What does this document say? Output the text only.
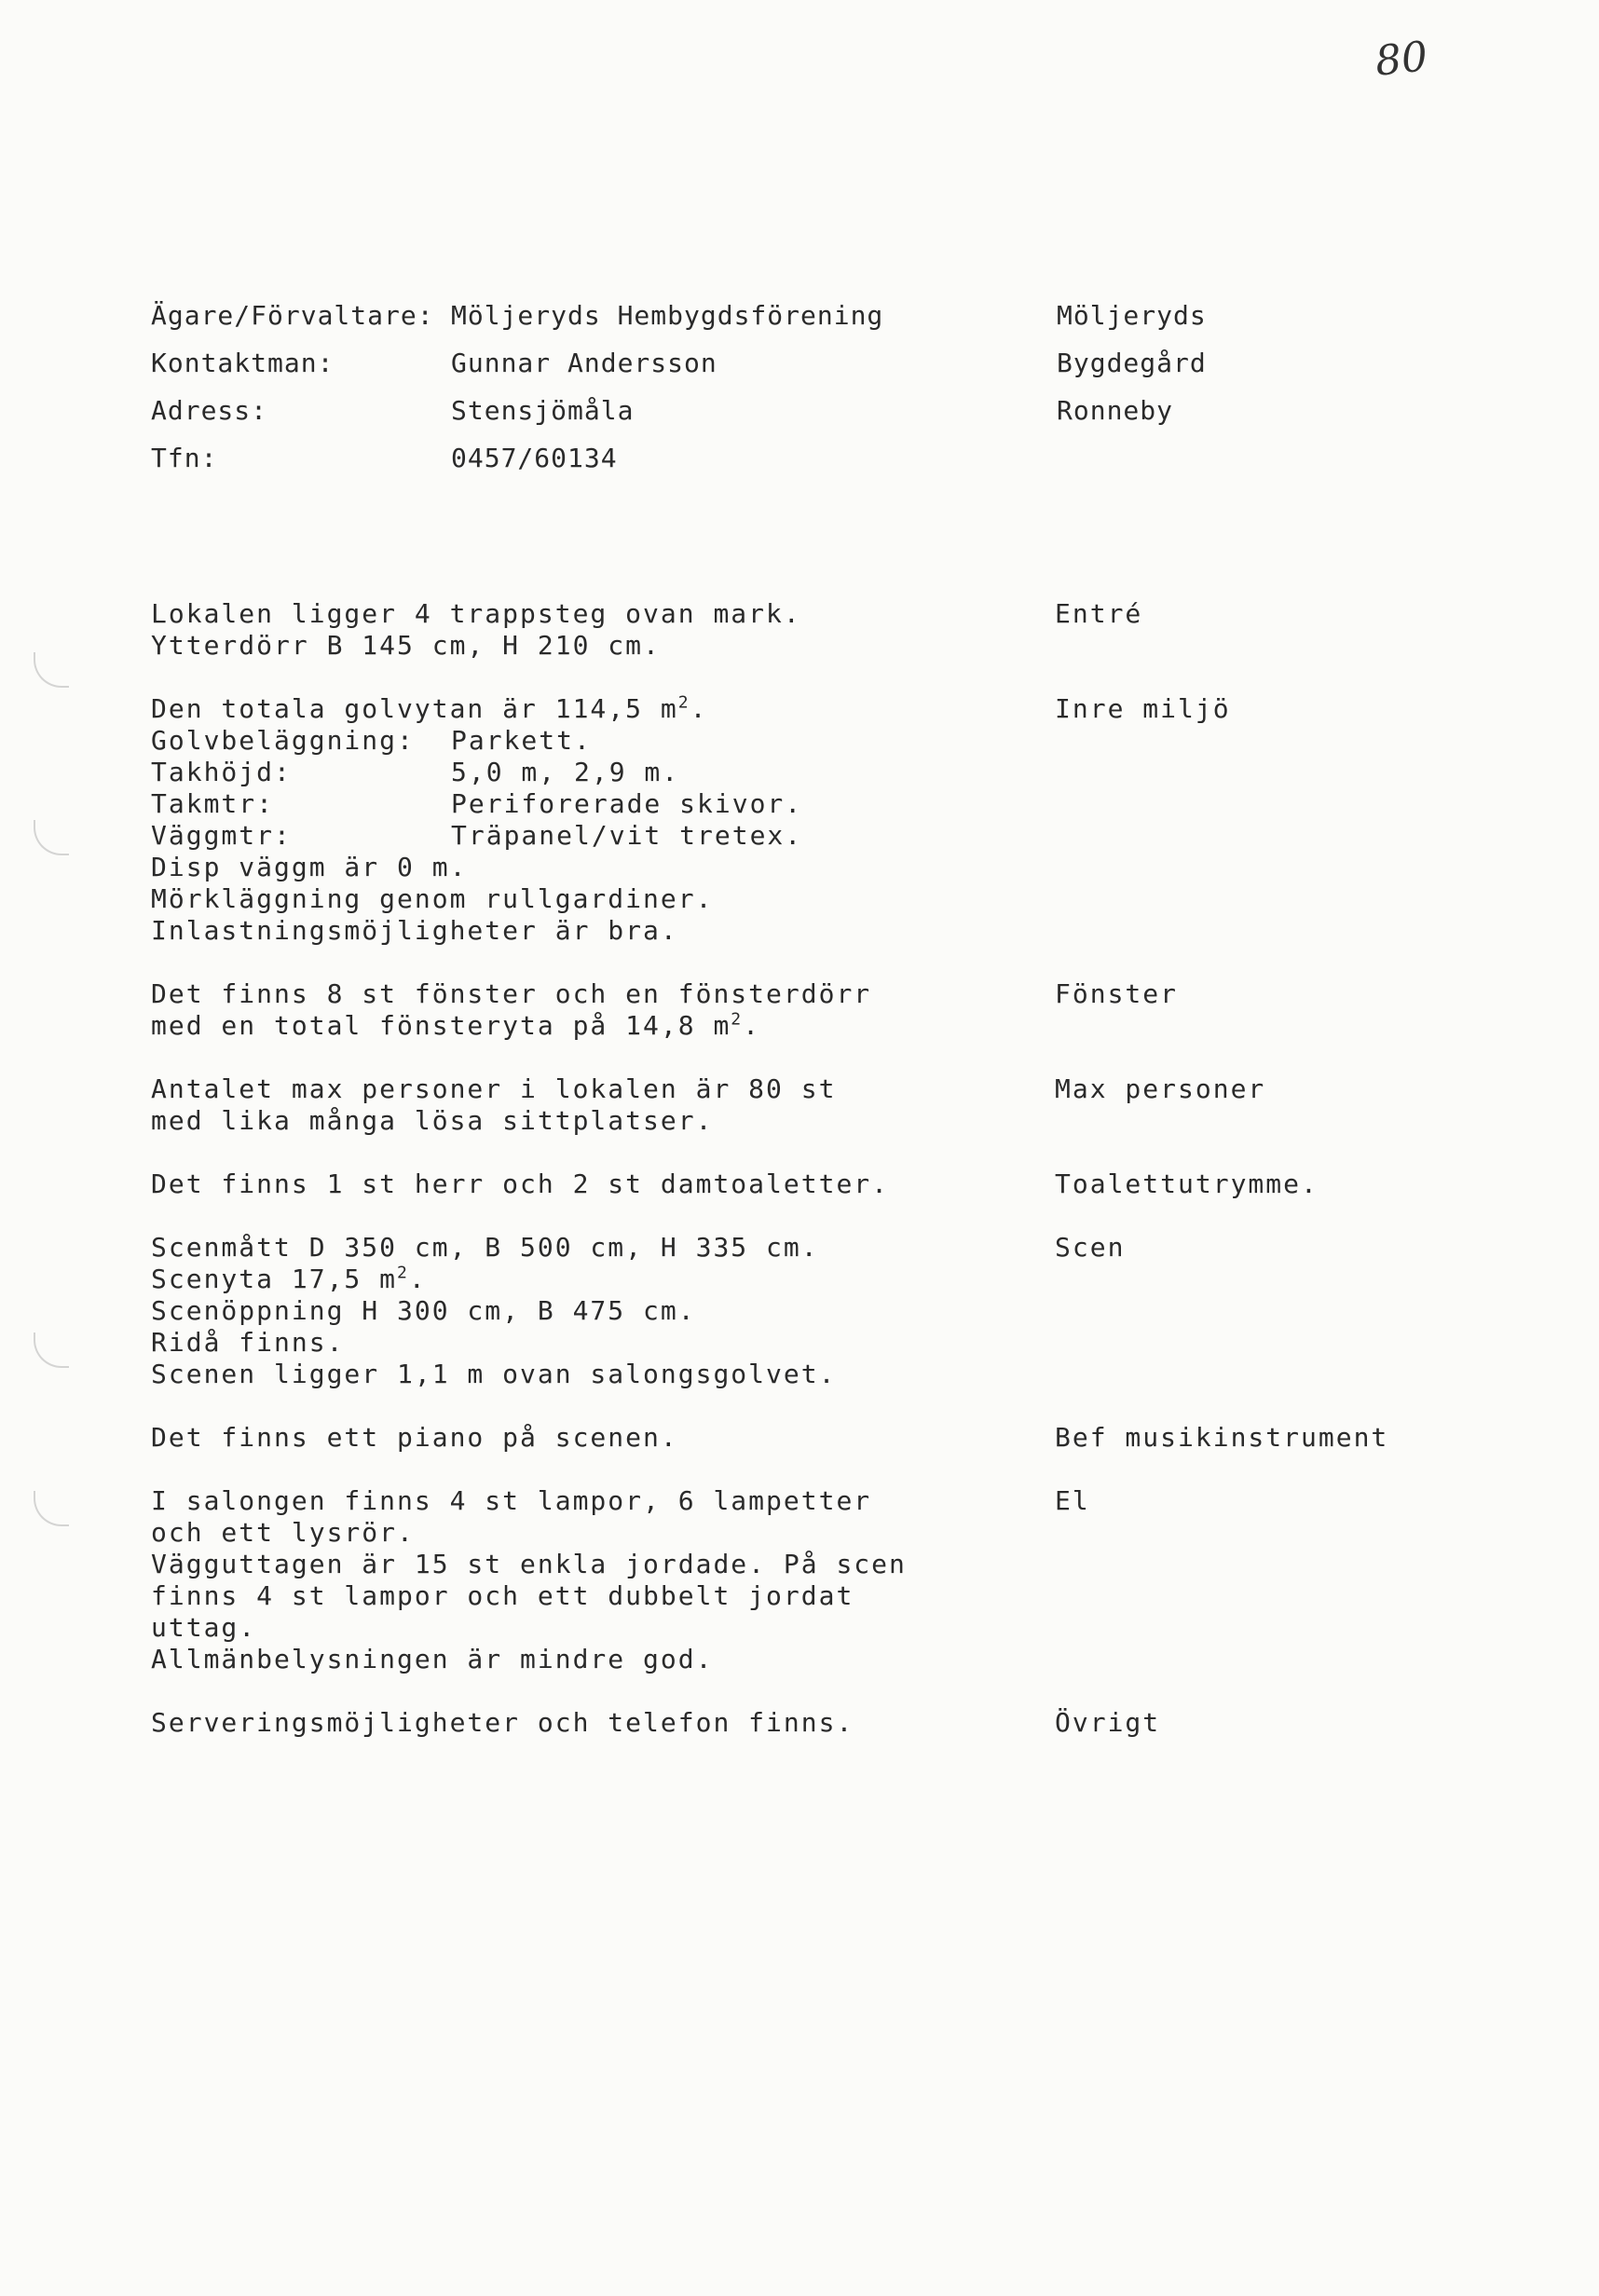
80
Ägare/Förvaltare: Möljeryds Hembygdsförening	Möljeryds
Kontaktman:	Gunnar Andersson	Bygdegård
Adress:	Stensjömåla	Ronneby
Tfn:	0457/60134
Lokalen ligger 4 trappsteg ovan mark.
Ytterdörr B 145 cm, H 210 cm.
Entré
Den totala golvytan är 114,5 $m^2$.
Golvbeläggning:	Parkett.
Takhöjd:	5,0 m, 2,9 m.
Takmtr:	Periforerade skivor.
Väggmtr:	Träpanel/vit tretex.
Disp väggm är 0 m.
Mörkläggning genom rullgardiner.
Inlastningsmöjligheter är bra.
Inre miljö
Det finns 8 st fönster och en fönsterdörr
med en total fönsteryta på 14,8 $m^2$.
Fönster
Antalet max personer i lokalen är 80 st
med lika många lösa sittplatser.
Max personer
Det finns 1 st herr och 2 st damtoaletter.	Toalettutrymme.
Scenmått D 350 cm, B 500 cm, H 335 cm.
Scenyta 17,5 $m^2$.
Scenöppning H 300 cm, B 475 cm.
Ridå finns.
Scenen ligger 1,1 m ovan salongsgolvet.
Scen
Det finns ett piano på scenen.	Bef musikinstrument
I salongen finns 4 st lampor, 6 lampetter
och ett lysrör.
Vägguttagen är 15 st enkla jordade. På scen
finns 4 st lampor och ett dubbelt jordat
uttag.
Allmänbelysningen är mindre god.
El
Serveringsmöjligheter och telefon finns.	Övrigt
